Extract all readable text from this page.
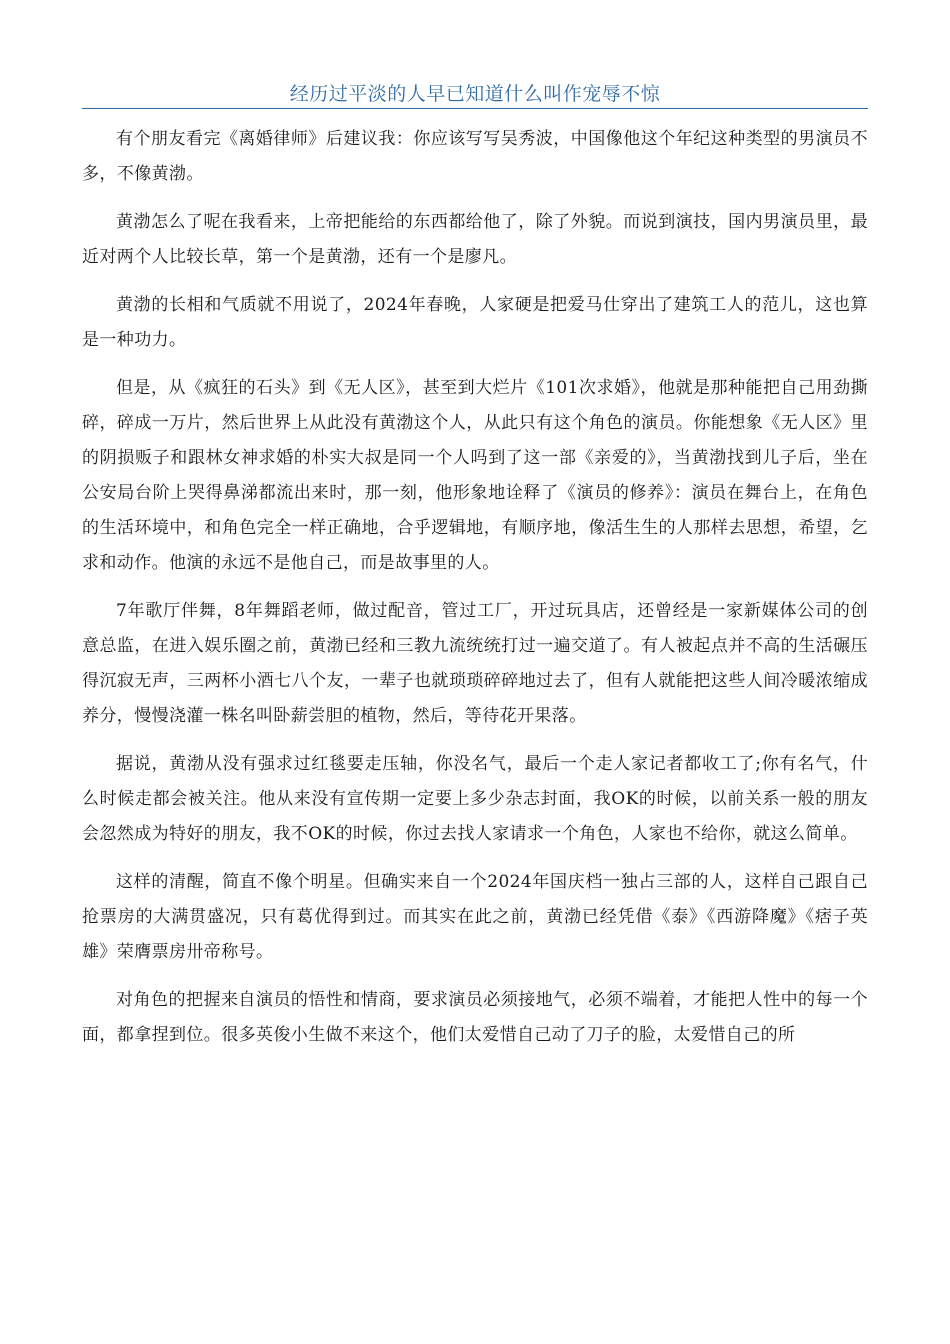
经历过平淡的人早已知道什么叫作宠辱不惊

有个朋友看完《离婚律师》后建议我：你应该写写吴秀波，中国像他这个年纪这种类型的男演员不多，不像黄渤。

黄渤怎么了呢在我看来，上帝把能给的东西都给他了，除了外貌。而说到演技，国内男演员里，最近对两个人比较长草，第一个是黄渤，还有一个是廖凡。

黄渤的长相和气质就不用说了，2024年春晚，人家硬是把爱马仕穿出了建筑工人的范儿，这也算是一种功力。

但是，从《疯狂的石头》到《无人区》，甚至到大烂片《101次求婚》，他就是那种能把自己用劲撕碎，碎成一万片，然后世界上从此没有黄渤这个人，从此只有这个角色的演员。你能想象《无人区》里的阴损贩子和跟林女神求婚的朴实大叔是同一个人吗到了这一部《亲爱的》，当黄渤找到儿子后，坐在公安局台阶上哭得鼻涕都流出来时，那一刻，他形象地诠释了《演员的修养》：演员在舞台上，在角色的生活环境中，和角色完全一样正确地，合乎逻辑地，有顺序地，像活生生的人那样去思想，希望，乞求和动作。他演的永远不是他自己，而是故事里的人。

7年歌厅伴舞，8年舞蹈老师，做过配音，管过工厂，开过玩具店，还曾经是一家新媒体公司的创意总监，在进入娱乐圈之前，黄渤已经和三教九流统统打过一遍交道了。有人被起点并不高的生活碾压得沉寂无声，三两杯小酒七八个友，一辈子也就琐琐碎碎地过去了，但有人就能把这些人间冷暖浓缩成养分，慢慢浇灌一株名叫卧薪尝胆的植物，然后，等待花开果落。

据说，黄渤从没有强求过红毯要走压轴，你没名气，最后一个走人家记者都收工了;你有名气，什么时候走都会被关注。他从来没有宣传期一定要上多少杂志封面，我OK的时候，以前关系一般的朋友会忽然成为特好的朋友，我不OK的时候，你过去找人家请求一个角色，人家也不给你，就这么简单。

这样的清醒，简直不像个明星。但确实来自一个2024年国庆档一独占三部的人，这样自己跟自己抢票房的大满贯盛况，只有葛优得到过。而其实在此之前，黄渤已经凭借《泰》《西游降魔》《痞子英雄》荣膺票房卅帝称号。

对角色的把握来自演员的悟性和情商，要求演员必须接地气，必须不端着，才能把人性中的每一个面，都拿捏到位。很多英俊小生做不来这个，他们太爱惜自己动了刀子的脸，太爱惜自己的所
